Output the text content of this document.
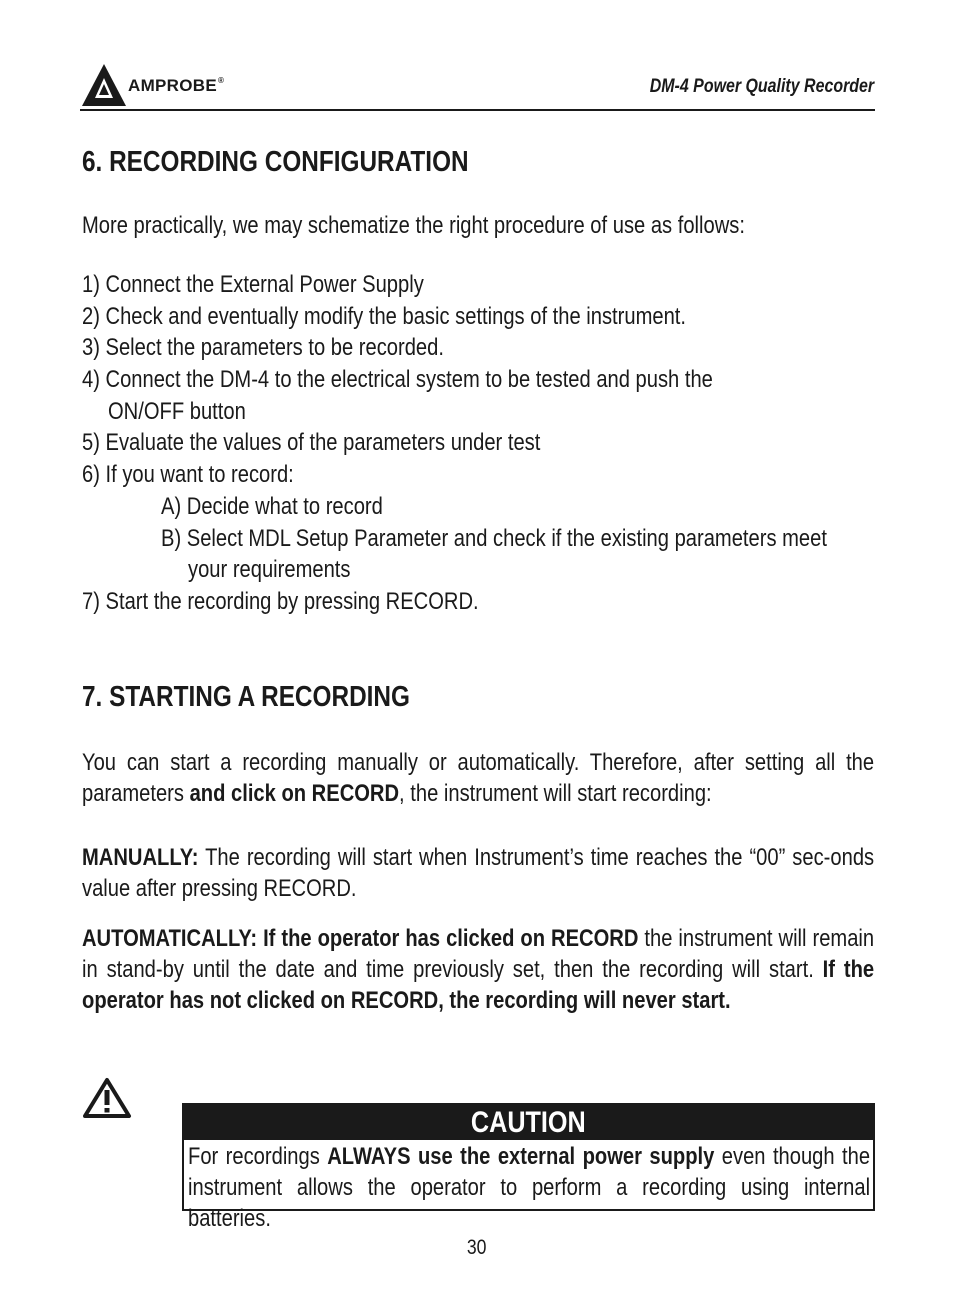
AMPROBE®	DM-4 Power Quality Recorder
6. RECORDING CONFIGURATION
More practically, we may schematize the right procedure of use as follows:
1) Connect the External Power Supply
2) Check and eventually modify the basic settings of the instrument.
3) Select the parameters to be recorded.
4) Connect the DM-4 to the electrical system to be tested and push the
ON/OFF button
5) Evaluate the values of the parameters under test
6) If you want to record:
A) Decide what to record
B) Select MDL Setup Parameter and check if the existing parameters meet
your requirements
7) Start the recording by pressing RECORD.
7. STARTING A RECORDING
You can start a recording manually or automatically. Therefore, after setting all the parameters and click on RECORD, the instrument will start recording:
MANUALLY: The recording will start when Instrument’s time reaches the “00” sec-onds value after pressing RECORD.
AUTOMATICALLY: If the operator has clicked on RECORD the instrument will remain in stand-by until the date and time previously set, then the recording will start. If the operator has not clicked on RECORD, the recording will never start.
CAUTION
For recordings ALWAYS use the external power supply even though the instrument allows the operator to perform a recording using internal batteries.
30
